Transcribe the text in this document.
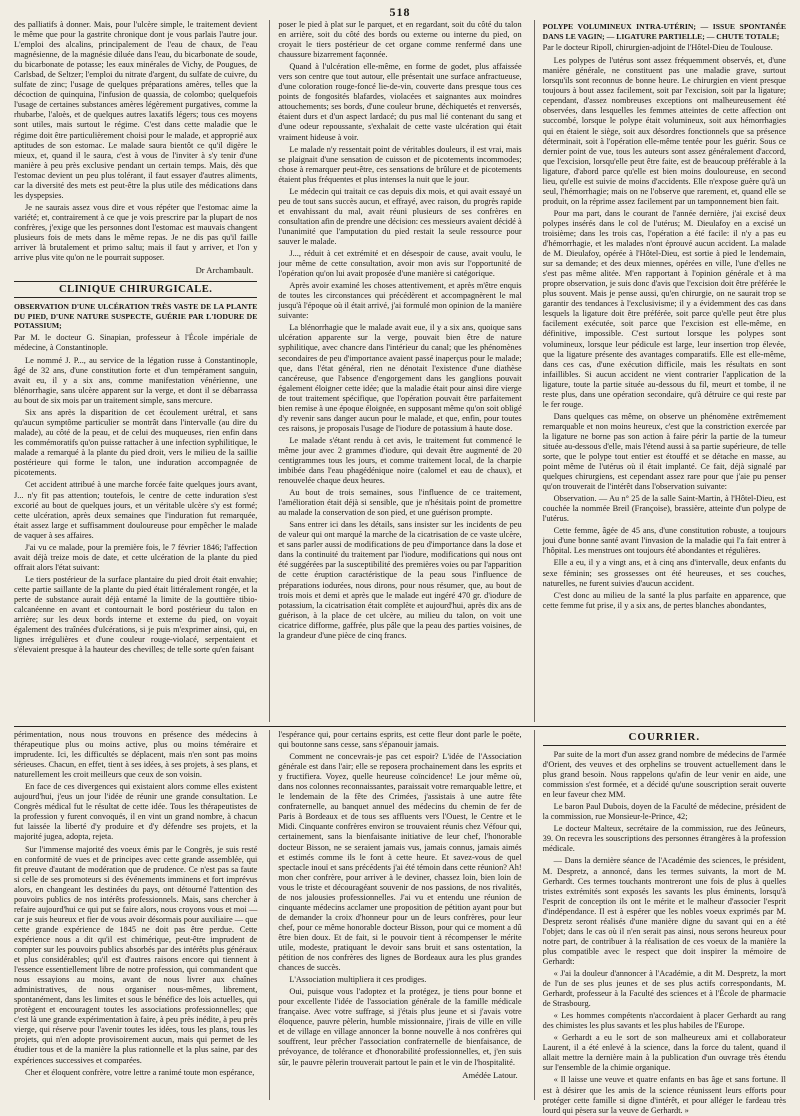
518

des palliatifs à donner. Mais, pour l'ulcère simple, le traitement devient le même que pour la gastrite chronique dont je vous parlais l'autre jour. L'emploi des alcalins, principalement de l'eau de chaux, de l'eau magnésienne, de la magnésie diluée dans l'eau, du bicarbonate de soude, du bicarbonate de potasse; les eaux minérales de Vichy, de Pougues, de Carlsbad, de Seltzer; l'emploi du nitrate d'argent, du sulfate de cuivre, du sulfate de zinc; l'usage de quelques préparations amères, telles que la décoction de quinquina, l'infusion de quassia, de colombo; quelquefois l'usage de certaines substances amères légèrement purgatives, comme la rhubarbe, l'aloès, et de quelques autres laxatifs légers; tous ces moyens sont utiles, mais surtout le régime. C'est dans cette maladie que le régime doit être particulièrement choisi pour le malade, et approprié aux aptitudes de son estomac. Le malade saura bientôt ce qu'il digère le mieux, et, quand il le saura, c'est à vous de l'inviter à s'y tenir d'une manière à peu près exclusive pendant un certain temps. Mais, dès que l'estomac devient un peu plus tolérant, il faut essayer d'autres aliments, car la diversité des mets est peut-être la plus utile des médications dans les dyspepsies.

Je ne saurais assez vous dire et vous répéter que l'estomac aime la variété; et, contrairement à ce que je vois prescrire par la plupart de nos confrères, j'exige que les personnes dont l'estomac est mauvais changent plusieurs fois de mets dans le même repas. Je ne dis pas qu'il faille arriver là brutalement et primo saltu; mais il faut y arriver, et l'on y arrive plus vite qu'on ne le pourrait supposer.

Dr Archambault.
CLINIQUE CHIRURGICALE.
OBSERVATION D'UNE ULCÉRATION TRÈS VASTE DE LA PLANTE DU PIED, D'UNE NATURE SUSPECTE, GUÉRIE PAR L'IODURE DE POTASSIUM;

Par M. le docteur G. Sinapian, professeur à l'École impériale de médecine, à Constantinople.

Le nommé J. P..., au service de la légation russe à Constantinople, âgé de 32 ans, d'une constitution forte et d'un tempérament sanguin, avait eu, il y a six ans, comme manifestation vénérienne, une blénorrhagie, sans ulcère apparent sur la verge, et dont il se débarrassa au bout de six mois par un traitement simple, sans mercure.

Six ans après la disparition de cet écoulement urétral, et sans qu'aucun symptôme particulier se montrât dans l'intervalle (au dire du malade), au côté de la peau, et de celui des muqueuses, rien enfin dans les commémoratifs qu'on puisse rattacher à une infection syphilitique, le malade a remarqué à la plante du pied droit, vers le milieu de la saillie postérieure qui forme le talon, une induration accompagnée de picotements.

Cet accident attribué à une marche forcée faite quelques jours avant, J... n'y fit pas attention; toutefois, le centre de cette induration s'est excorié au bout de quelques jours, et un véritable ulcère s'y est formé; cette ulcération, après deux semaines que l'induration fut remarquée, était assez large et suffisamment douloureuse pour empêcher le malade de vaquer à ses affaires.

J'ai vu ce malade, pour la première fois, le 7 février 1846; l'affection avait déjà treize mois de date, et cette ulcération de la plante du pied offrait alors l'état suivant:

Le tiers postérieur de la surface plantaire du pied droit était envahie; cette partie saillante de la plante du pied était littéralement rongée, et la perte de substance aurait déjà entamé la limite de la gouttière tibio-calcanéenne en avant et contournait le bord postérieur du talon en arrière; sur les deux bords interne et externe du pied, on voyait également des traînées d'ulcérations, si je puis m'exprimer ainsi, qui, en lignes irrégulières et d'une couleur rouge-violacé, serpentaient et s'élevaient presque à la hauteur des chevilles; de telle sorte qu'en faisant

poser le pied à plat sur le parquet, et en regardant, soit du côté du talon en arrière, soit du côté des bords ou externe ou interne du pied, on croyait le tiers postérieur de cet organe comme renfermé dans une chaussure bizarrement façonnée.

Quand à l'ulcération elle-même, en forme de godet, plus affaissée vers son centre que tout autour, elle présentait une surface anfractueuse, d'une coloration rouge-foncé lie-de-vin, couverte dans presque tous ces points de fongosités blafardes, violacées et saignantes aux moindres attouchements; ses bords, d'une couleur brune, déchiquetés et renversés, étaient durs et d'un aspect lardacé; du pus mal lié contenant du sang et d'une odeur repoussante, s'exhalait de cette vaste ulcération qui était vraiment hideuse à voir.

Le malade n'y ressentait point de véritables douleurs, il est vrai, mais se plaignait d'une sensation de cuisson et de picotements incommodes; chose à remarquer peut-être, ces sensations de brûlure et de picotements étaient plus fréquentes et plus intenses la nuit que le jour.

Le médecin qui traitait ce cas depuis dix mois, et qui avait essayé un peu de tout sans succès aucun, et effrayé, avec raison, du progrès rapide et envahissant du mal, avait réuni plusieurs de ses confrères en consultation afin de prendre une décision: ces messieurs avaient décidé à l'unanimité que l'amputation du pied restait la seule ressource pour sauver le malade.

J..., réduit à cet extrémité et en désespoir de cause, avait voulu, le jour même de cette consultation, avoir mon avis sur l'opportunité de l'opération qu'on lui avait proposée d'une manière si catégorique.

Après avoir examiné les choses attentivement, et après m'être enquis de toutes les circonstances qui précédèrent et accompagnèrent le mal jusqu'à l'époque où il était arrivé, j'ai formulé mon opinion de la manière suivante:

La blénorrhagie que le malade avait eue, il y a six ans, quoique sans ulcération apparente sur la verge, pouvait bien être de nature syphilitique, avec chancre dans l'intérieur du canal; que les phénomènes secondaires de peu d'importance avaient passé inaperçus pour le malade; que, dans l'état général, rien ne dénotait l'existence d'une diathèse cancéreuse, que l'absence d'engorgement dans les ganglions pouvait également éloigner cette idée; que la maladie était pour ainsi dire vierge de tout traitement spécifique, que l'opération pouvait être parfaitement bien remise à une époque éloignée, en supposant même qu'on soit obligé d'y revenir sans danger aucun pour le malade, et que, enfin, pour toutes ces raisons, je proposais l'usage de l'iodure de potassium à haute dose.

Le malade s'étant rendu à cet avis, le traitement fut commencé le même jour avec 2 grammes d'iodure, qui devait être augmenté de 20 centigrammes tous les jours, et comme traitement local, de la charpie imbibée dans l'eau phagédénique noire (calomel et eau de chaux), et renouvelée chaque deux heures.

Au bout de trois semaines, sous l'influence de ce traitement, l'amélioration était déjà si sensible, que je n'hésitais point de promettre au malade la conservation de son pied, et une guérison prompte.

Sans entrer ici dans les détails, sans insister sur les incidents de peu de valeur qui ont marqué la marche de la cicatrisation de ce vaste ulcère, et sans parler aussi de modifications de peu d'importance dans la dose et dans la continuité du traitement par l'iodure, modifications qui nous ont été suggérées par la susceptibilité des premières voies ou par l'apparition de cette éruption caractéristique de la peau sous l'influence de préparations iodurées, nous dirons, pour nous résumer, que, au bout de trois mois et demi et après que le malade eut ingéré 470 gr. d'iodure de potassium, la cicatrisation était complète et aujourd'hui, après dix ans de guérison, à la place de cet ulcère, au milieu du talon, on voit une cicatrice difforme, gaffrée, plus pâle que la peau des parties voisines, de la grandeur d'une pièce de cinq francs.

POLYPE VOLUMINEUX INTRA-UTÉRIN; — ISSUE SPONTANÉE DANS LE VAGIN; — LIGATURE PARTIELLE; — CHUTE TOTALE;

Par le docteur Ripoll, chirurgien-adjoint de l'Hôtel-Dieu de Toulouse.

Les polypes de l'utérus sont assez fréquemment observés, et, d'une manière générale, ne constituent pas une maladie grave, surtout lorsqu'ils sont reconnus de bonne heure. Le chirurgien en vient presque toujours à bout assez facilement, soit par l'excision, soit par la ligature; cependant, d'assez nombreuses exceptions ont malheureusement été observées, dans lesquelles les femmes atteintes de cette affection ont succombé, lorsque le polype était volumineux, soit aux hémorrhagies qui en étaient le siège, soit aux désordres fonctionnels que sa présence déterminait, soit à l'opération elle-même tentée pour les guérir. Sous ce dernier point de vue, tous les auteurs sont assez généralement d'accord, que l'excision, lorsqu'elle peut être faite, est de beaucoup préférable à la ligature, d'abord parce qu'elle est bien moins douloureuse, en second lieu, qu'elle est suivie de moins d'accidents. Elle n'expose guère qu'à un seul, l'hémorrhagie; mais on ne l'observe que rarement, et, quand elle se produit, on la réprime assez facilement par un tamponnement bien fait.

Pour ma part, dans le courant de l'année dernière, j'ai excisé deux polypes insérés dans le col de l'utérus; M. Dieulafoy en a excisé un troisième; dans les trois cas, l'opération a été facile: il n'y a pas eu d'hémorrhagie, et les malades n'ont éprouvé aucun accident. La malade de M. Dieulafoy, opérée à l'Hôtel-Dieu, est sortie à pied le lendemain, sur sa demande; et des deux miennes, opérées en ville, l'une d'elles ne s'est pas même alitée. M'en rapportant à l'opinion générale et à ma propre observation, je suis donc d'avis que l'excision doit être préférée le plus souvent. Mais je pense aussi, qu'en chirurgie, on ne saurait trop se garantir des tendances à l'exclusivisme; il y a évidemment des cas dans lesquels la ligature doit être préférée, soit parce qu'elle peut être plus facilement exécutée, soit parce que l'excision est elle-même, en définitive, impossible. C'est surtout lorsque les polypes sont volumineux, lorsque leur pédicule est large, leur insertion trop élevée, que la ligature présente des avantages comparatifs. Elle est elle-même, dans ces cas, d'une exécution difficile, mais les résultats en sont infaillibles. Si aucun accident ne vient contrarier l'application de la ligature, toute la partie située au-dessous du fil, meurt et tombe, il ne reste plus, dans une opération secondaire, qu'à détruire ce qui reste par le fer rouge.

Dans quelques cas même, on observe un phénomène extrêmement remarquable et non moins heureux, c'est que la constriction exercée par la ligature ne borne pas son action à faire périr la partie de la tumeur située au-dessous d'elle, mais l'étend aussi à sa partie supérieure, de telle sorte, que le polype tout entier est étouffé et se détache en masse, au point même de l'utérus où il était implanté. Ce fait, déjà signalé par quelques chirurgiens, est cependant assez rare pour que j'aie pu penser qu'on trouverait de l'intérêt dans l'observation suivante:

Observation. — Au n° 25 de la salle Saint-Martin, à l'Hôtel-Dieu, est couchée la nommée Breil (Françoise), brassière, atteinte d'un polype de l'utérus.

Cette femme, âgée de 45 ans, d'une constitution robuste, a toujours joui d'une bonne santé avant l'invasion de la maladie qui l'a fait entrer à l'hôpital. Les menstrues ont toujours été abondantes et régulières.

Elle a eu, il y a vingt ans, et à cinq ans d'intervalle, deux enfants du sexe féminin; ses grossesses ont été heureuses, et ses couches, naturelles, ne furent suivies d'aucun accident.

C'est donc au milieu de la santé la plus parfaite en apparence, que cette femme fut prise, il y a six ans, de pertes blanches abondantes,

périmentation, nous nous trouvons en présence des médecins à thérapeutique plus ou moins active, plus ou moins téméraire et imprudente. Ici, les difficultés se déplacent, mais n'en sont pas moins sérieuses. Chacun, en effet, tient à ses idées, à ses projets, à ses plans, et naturellement les croit meilleurs que ceux de son voisin.

En face de ces divergences qui existaient alors comme elles existent aujourd'hui, j'eus un jour l'idée de réunir une grande consultation. Le Congrès médical fut le résultat de cette idée. Tous les thérapeutistes de la profession y furent convoqués, il en vint un grand nombre, à chacun fut laissée la liberté d'y produire et d'y défendre ses projets, et la majorité jugea, adopta, rejeta.

Sur l'immense majorité des voeux émis par le Congrès, je suis resté en conformité de vues et de principes avec cette grande assemblée, qui fit preuve d'autant de modération que de prudence. Ce n'est pas sa faute si celle de ses promoteurs si des événements imminens et fort imprévus alors, en changeant les destinées du pays, ont détourné l'attention des pouvoirs publics de nos intérêts professionnels. Mais, sans chercher à refaire aujourd'hui ce qui put se faire alors, nous croyons vous et moi — car je suis heureux et fier de vous avoir désormais pour auxiliaire — que cette grande expérience de 1845 ne doit pas être perdue. Cette expérience nous a dit qu'il est chimérique, peut-être imprudent de compter sur les pouvoirs publics absorbés par des intérêts plus généraux et plus considérables; qu'il est d'autres raisons encore qui tiennent à l'essence essentiellement libre de notre profession, qui commandent que nous essayions au moins, avant de nous livrer aux chaînes administratives, de nous organiser nous-mêmes, librement, spontanément, dans les limites et sous le bénéfice des lois actuelles, qui protègent et encouragent toutes les associations professionnelles; que c'est là une grande expérimentation à faire, à peu près inédite, à peu près vierge, qui réserve pour l'avenir toutes les idées, tous les plans, tous les projets, qui n'en adopte provisoirement aucun, mais qui permet de les étudier tous et de la manière la plus rationnelle et la plus saine, par des expériences successives et comparées.

Cher et éloquent confrère, votre lettre a ranimé toute mon espérance,

l'espérance qui, pour certains esprits, est cette fleur dont parle le poëte, qui boutonne sans cesse, sans s'épanouir jamais.

Comment ne concevrais-je pas cet espoir? L'idée de l'Association générale est dans l'air; elle se reposera prochainement dans les esprits et y fructifiera. Voyez, quelle heureuse coïncidence! Le jour même où, dans nos colonnes reconnaissantes, paraissait votre remarquable lettre, et le lendemain de la fête des Crimées, j'assistais à une autre fête confraternelle, au banquet annuel des médecins du chemin de fer de Paris à Bordeaux et de tous ses affluents vers l'Ouest, le Centre et le Midi. Cinquante confrères environ se trouvaient réunis chez Véfour qui, certainement, sans la bienfaisante initiative de leur chef, l'honorable docteur Bisson, ne se seraient jamais vus, jamais connus, jamais aimés et estimés comme ils le font à cette heure. Et savez-vous de quel spectacle inouï et sans précédents j'ai été témoin dans cette réunion? Ah! mon cher confrère, pour arriver à le deviner, chassez loin, bien loin de vous le triste et découragéant souvenir de nos passions, de nos rivalités, de nos jalousies professionnelles. J'ai vu et entendu une réunion de cinquante médecins acclamer une proposition de pétition ayant pour but de demander la croix d'honneur pour un de leurs confrères, pour leur chef, pour ce même honorable docteur Bisson, pour qui ce moment a dû être bien doux. Et de fait, si le pouvoir tient à récompenser le mérite utile, modeste, pratiquant le devoir sans bruit et sans ostentation, la pétition de nos confrères des lignes de Bordeaux aura les plus grandes chances de succès.

L'Association multipliera it ces prodiges.

Oui, puisque vous l'adoptez et la protégez, je tiens pour bonne et pour excellente l'idée de l'association générale de la famille médicale française. Avec votre suffrage, si j'étais plus jeune et si j'avais votre éloquence, pauvre pèlerin, humble missionnaire, j'irais de ville en ville et de village en village annoncer la bonne nouvelle à nos confrères qui souffrent, leur prêcher l'association confraternelle de bienfaisance, de prévoyance, de tolérance et d'honorabilité professionnelles, et, j'en suis sûr, le pauvre pèlerin trouverait partout le pain et le vin de l'hospitalité.

Amédée Latour.
COURRIER.

Par suite de la mort d'un assez grand nombre de médecins de l'armée d'Orient, des veuves et des orphelins se trouvent actuellement dans le plus grand besoin. Nous rappelons qu'afin de leur venir en aide, une commission s'est formée, et a décidé qu'une souscription serait ouverte en leur faveur chez MM.

Le baron Paul Dubois, doyen de la Faculté de médecine, président de la commission, rue Monsieur-le-Prince, 42;

Le docteur Malteux, secrétaire de la commission, rue des Jeûneurs, 39. On recevra les souscriptions des personnes étrangères à la profession médicale.

— Dans la dernière séance de l'Académie des sciences, le président, M. Despretz, a annoncé, dans les termes suivants, la mort de M. Gerhardt. Ces termes touchants montreront une fois de plus à quelles tristes extrémités sont exposés les savants les plus éminents, lorsqu'à l'esprit de conception ils ont le mérite et le malheur d'associer l'esprit d'indépendance. Il est à espérer que les nobles voeux exprimés par M. Despretz seront réalisés d'une manière digne du savant qui en a été l'objet; dans le cas où il n'en serait pas ainsi, nous serons heureux pour notre part, de contribuer à la réalisation de ces voeux de la manière la plus compatible avec le respect que doit inspirer la mémoire de Gerhardt:

« J'ai la douleur d'annoncer à l'Académie, a dit M. Despretz, la mort de l'un de ses plus jeunes et de ses plus actifs correspondants, M. Gerhardt, professeur à la Faculté des sciences et à l'École de pharmacie de Strasbourg.

« Les hommes compétents n'accordaient à placer Gerhardt au rang des chimistes les plus savants et les plus habiles de l'Europe.

« Gerhardt a eu le sort de son malheureux ami et collaborateur Laurent, il a été enlevé à la science, dans la force du talent, quand il allait mettre la dernière main à la publication d'un ouvrage très étendu sur l'ensemble de la chimie organique.

« Il laisse une veuve et quatre enfants en bas âge et sans fortune. Il est à désirer que les amis de la science réunissent leurs efforts pour protéger cette famille si digne d'intérêt, et pour alléger le fardeau très lourd qui pèsera sur la veuve de Gerhardt. »
